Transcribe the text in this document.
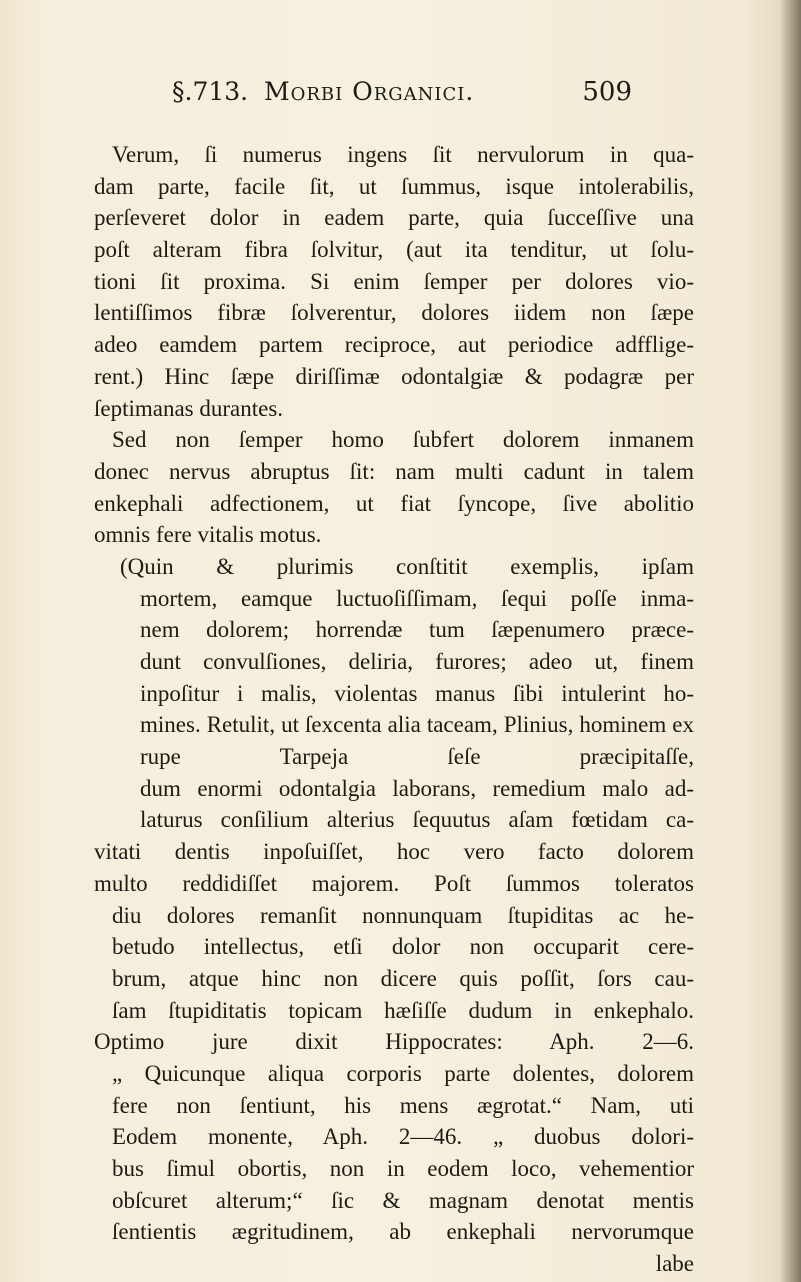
§.713. Morbi Organici.	509
Verum, ſi numerus ingens ſit nervulorum in qua-
dam parte, facile ſit, ut ſummus, isque intolerabilis,
perſeveret dolor in eadem parte, quia ſucceſſive una
poſt alteram fibra ſolvitur, (aut ita tenditur, ut ſolu-
tioni ſit proxima. Si enim ſemper per dolores vio-
lentiſſimos fibræ ſolverentur, dolores iidem non ſæpe
adeo eamdem partem reciproce, aut periodice adfflige-
rent.) Hinc ſæpe diriſſimæ odontalgiæ & podagræ per
ſeptimanas durantes.
Sed non ſemper homo ſubfert dolorem inmanem
donec nervus abruptus ſit: nam multi cadunt in talem
enkephali adfectionem, ut fiat ſyncope, ſive abolitio
omnis fere vitalis motus.
(Quin & plurimis conſtitit exemplis, ipſam
mortem, eamque luctuoſiſſimam, ſequi poſſe inma-
nem dolorem; horrendæ tum ſæpenumero præce-
dunt convulſiones, deliria, furores; adeo ut, finem
inpoſitur i malis, violentas manus ſibi intulerint ho-
mines. Retulit, ut ſexcenta alia taceam, Plinius, hominem ex rupe Tarpeja ſeſe præcipitaſſe,
dum enormi odontalgia laborans, remedium malo ad-
laturus conſilium alterius ſequutus aſam fœtidam ca-
vitati dentis inpoſuiſſet, hoc vero facto dolorem
multo reddidiſſet majorem. Poſt ſummos toleratos
diu dolores remanſit nonnunquam ſtupiditas ac he-
betudo intellectus, etſi dolor non occuparit cere-
brum, atque hinc non dicere quis poſſit, ſors cau-
ſam ſtupiditatis topicam hæſiſſe dudum in enkephalo.
Optimo jure dixit Hippocrates: Aph. 2—6.
„ Quicunque aliqua corporis parte dolentes, dolorem
fere non ſentiunt, his mens ægrotat.“ Nam, uti
Eodem monente, Aph. 2—46. „ duobus dolori-
bus ſimul obortis, non in eodem loco, vehementior
obſcuret alterum;“ ſic & magnam denotat mentis
ſentientis ægritudinem, ab enkephali nervorumque
labe
